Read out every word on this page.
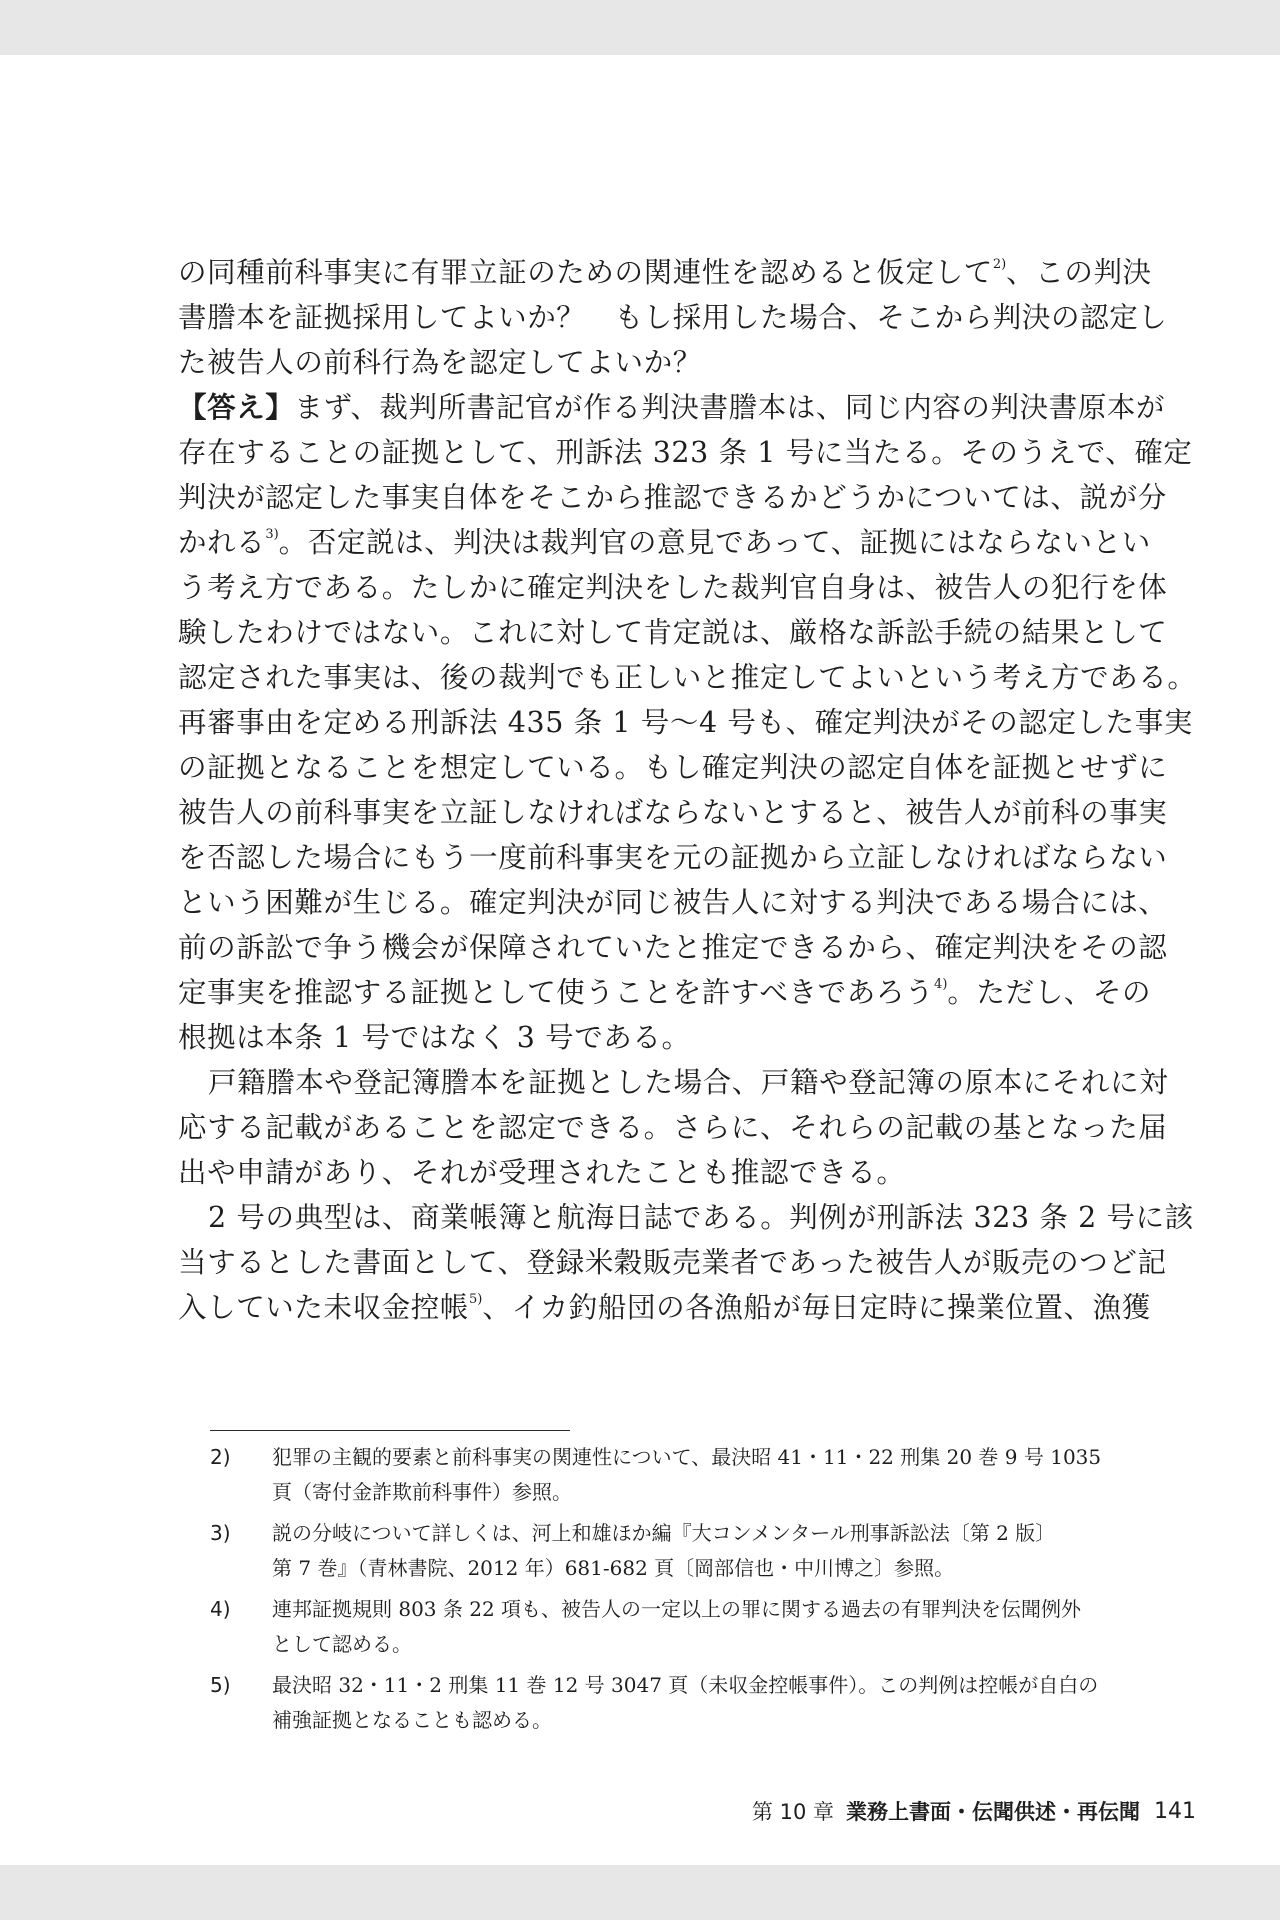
の同種前科事実に有罪立証のための関連性を認めると仮定して$^{2)}$、この判決
書謄本を証拠採用してよいか？　もし採用した場合、そこから判決の認定し
た被告人の前科行為を認定してよいか？
【答え】まず、裁判所書記官が作る判決書謄本は、同じ内容の判決書原本が
存在することの証拠として、刑訴法 323 条 1 号に当たる。そのうえで、確定
判決が認定した事実自体をそこから推認できるかどうかについては、説が分
かれる$^{3)}$。否定説は、判決は裁判官の意見であって、証拠にはならないとい
う考え方である。たしかに確定判決をした裁判官自身は、被告人の犯行を体
験したわけではない。これに対して肯定説は、厳格な訴訟手続の結果として
認定された事実は、後の裁判でも正しいと推定してよいという考え方である。
再審事由を定める刑訴法 435 条 1 号〜4 号も、確定判決がその認定した事実
の証拠となることを想定している。もし確定判決の認定自体を証拠とせずに
被告人の前科事実を立証しなければならないとすると、被告人が前科の事実
を否認した場合にもう一度前科事実を元の証拠から立証しなければならない
という困難が生じる。確定判決が同じ被告人に対する判決である場合には、
前の訴訟で争う機会が保障されていたと推定できるから、確定判決をその認
定事実を推認する証拠として使うことを許すべきであろう$^{4)}$。ただし、その
根拠は本条 1 号ではなく 3 号である。
戸籍謄本や登記簿謄本を証拠とした場合、戸籍や登記簿の原本にそれに対
応する記載があることを認定できる。さらに、それらの記載の基となった届
出や申請があり、それが受理されたことも推認できる。
2 号の典型は、商業帳簿と航海日誌である。判例が刑訴法 323 条 2 号に該
当するとした書面として、登録米穀販売業者であった被告人が販売のつど記
入していた未収金控帳$^{5)}$、イカ釣船団の各漁船が毎日定時に操業位置、漁獲
2)	犯罪の主観的要素と前科事実の関連性について、最決昭 41・11・22 刑集 20 巻 9 号 1035
頁（寄付金詐欺前科事件）参照。
3)	説の分岐について詳しくは、河上和雄ほか編『大コンメンタール刑事訴訟法〔第 2 版〕
第 7 巻』（青林書院、2012 年）681-682 頁〔岡部信也・中川博之〕参照。
4)	連邦証拠規則 803 条 22 項も、被告人の一定以上の罪に関する過去の有罪判決を伝聞例外
として認める。
5)	最決昭 32・11・2 刑集 11 巻 12 号 3047 頁（未収金控帳事件）。この判例は控帳が自白の
補強証拠となることも認める。
第 10 章 業務上書面・伝聞供述・再伝聞 141
